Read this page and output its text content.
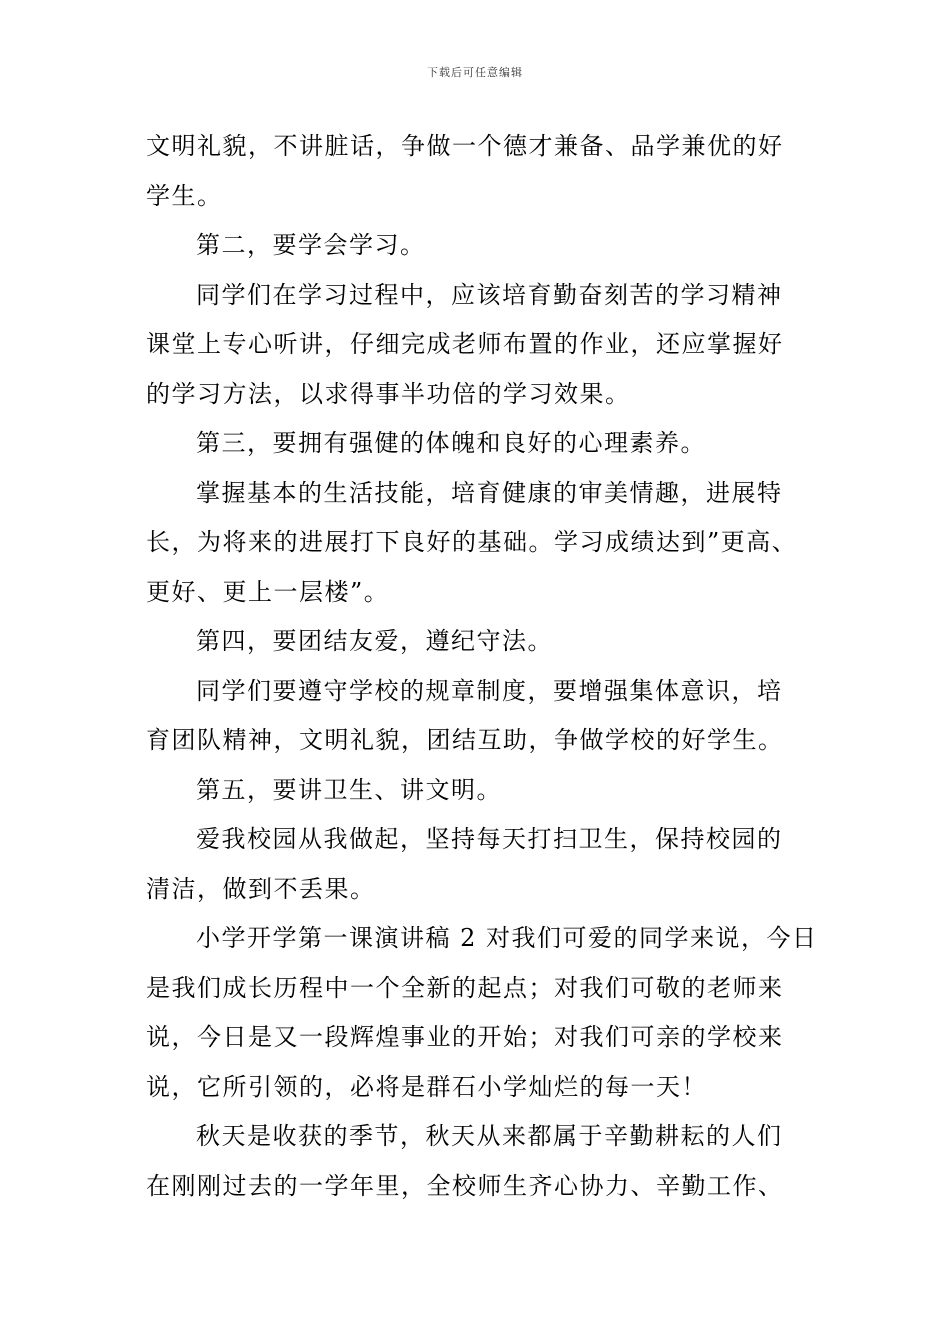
下载后可任意编辑
文明礼貌，不讲脏话，争做一个德才兼备、品学兼优的好
学生。
第二，要学会学习。
同学们在学习过程中，应该培育勤奋刻苦的学习精神
课堂上专心听讲，仔细完成老师布置的作业，还应掌握好
的学习方法，以求得事半功倍的学习效果。
第三，要拥有强健的体魄和良好的心理素养。
掌握基本的生活技能，培育健康的审美情趣，进展特
长，为将来的进展打下良好的基础。学习成绩达到”更高、
更好、更上一层楼”。
第四，要团结友爱，遵纪守法。
同学们要遵守学校的规章制度，要增强集体意识，培
育团队精神，文明礼貌，团结互助，争做学校的好学生。
第五，要讲卫生、讲文明。
爱我校园从我做起，坚持每天打扫卫生，保持校园的
清洁，做到不丢果。
小学开学第一课演讲稿 2 对我们可爱的同学来说，今日
是我们成长历程中一个全新的起点；对我们可敬的老师来
说，今日是又一段辉煌事业的开始；对我们可亲的学校来
说，它所引领的，必将是群石小学灿烂的每一天！
秋天是收获的季节，秋天从来都属于辛勤耕耘的人们
在刚刚过去的一学年里，全校师生齐心协力、辛勤工作、
